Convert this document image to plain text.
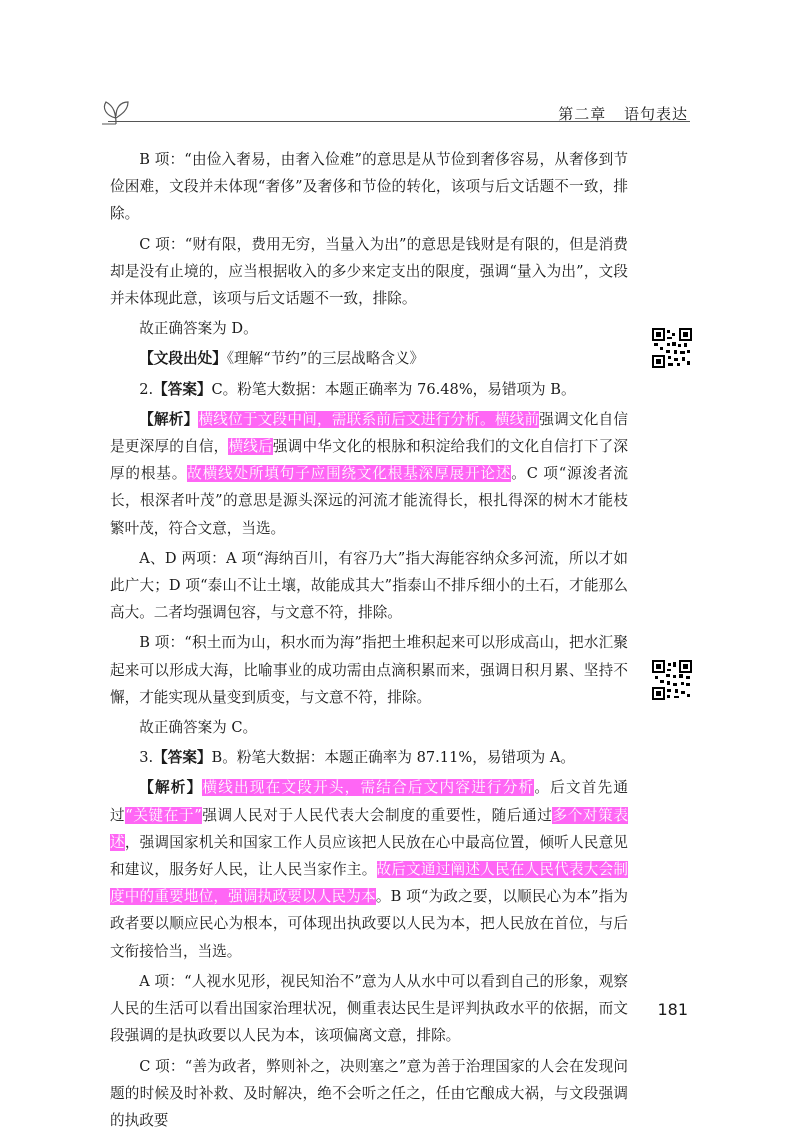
第二章 语句表达

B 项：“由俭入奢易，由奢入俭难”的意思是从节俭到奢侈容易，从奢侈到节俭困难，文段并未体现“奢侈”及奢侈和节俭的转化，该项与后文话题不一致，排除。

C 项：“财有限，费用无穷，当量入为出”的意思是钱财是有限的，但是消费却是没有止境的，应当根据收入的多少来定支出的限度，强调“量入为出”，文段并未体现此意，该项与后文话题不一致，排除。

故正确答案为 D。

【文段出处】《理解“节约”的三层战略含义》

2.【答案】C。粉笔大数据：本题正确率为 76.48%，易错项为 B。

【解析】横线位于文段中间，需联系前后文进行分析。横线前强调文化自信是更深厚的自信，横线后强调中华文化的根脉和积淀给我们的文化自信打下了深厚的根基。故横线处所填句子应围绕文化根基深厚展开论述。C 项“源浚者流长，根深者叶茂”的意思是源头深远的河流才能流得长，根扎得深的树木才能枝繁叶茂，符合文意，当选。

A、D 两项：A 项“海纳百川，有容乃大”指大海能容纳众多河流，所以才如此广大；D 项“泰山不让土壤，故能成其大”指泰山不排斥细小的土石，才能那么高大。二者均强调包容，与文意不符，排除。

B 项：“积土而为山，积水而为海”指把土堆积起来可以形成高山，把水汇聚起来可以形成大海，比喻事业的成功需由点滴积累而来，强调日积月累、坚持不懈，才能实现从量变到质变，与文意不符，排除。

故正确答案为 C。

3.【答案】B。粉笔大数据：本题正确率为 87.11%，易错项为 A。

【解析】横线出现在文段开头，需结合后文内容进行分析。后文首先通过“关键在于”强调人民对于人民代表大会制度的重要性，随后通过多个对策表述，强调国家机关和国家工作人员应该把人民放在心中最高位置，倾听人民意见和建议，服务好人民，让人民当家作主。故后文通过阐述人民在人民代表大会制度中的重要地位，强调执政要以人民为本。B 项“为政之要，以顺民心为本”指为政者要以顺应民心为根本，可体现出执政要以人民为本，把人民放在首位，与后文衔接恰当，当选。

A 项：“人视水见形，视民知治不”意为人从水中可以看到自己的形象，观察人民的生活可以看出国家治理状况，侧重表达民生是评判执政水平的依据，而文段强调的是执政要以人民为本，该项偏离文意，排除。

C 项：“善为政者，弊则补之，决则塞之”意为善于治理国家的人会在发现问题的时候及时补救、及时解决，绝不会听之任之，任由它酿成大祸，与文段强调的执政要

181
